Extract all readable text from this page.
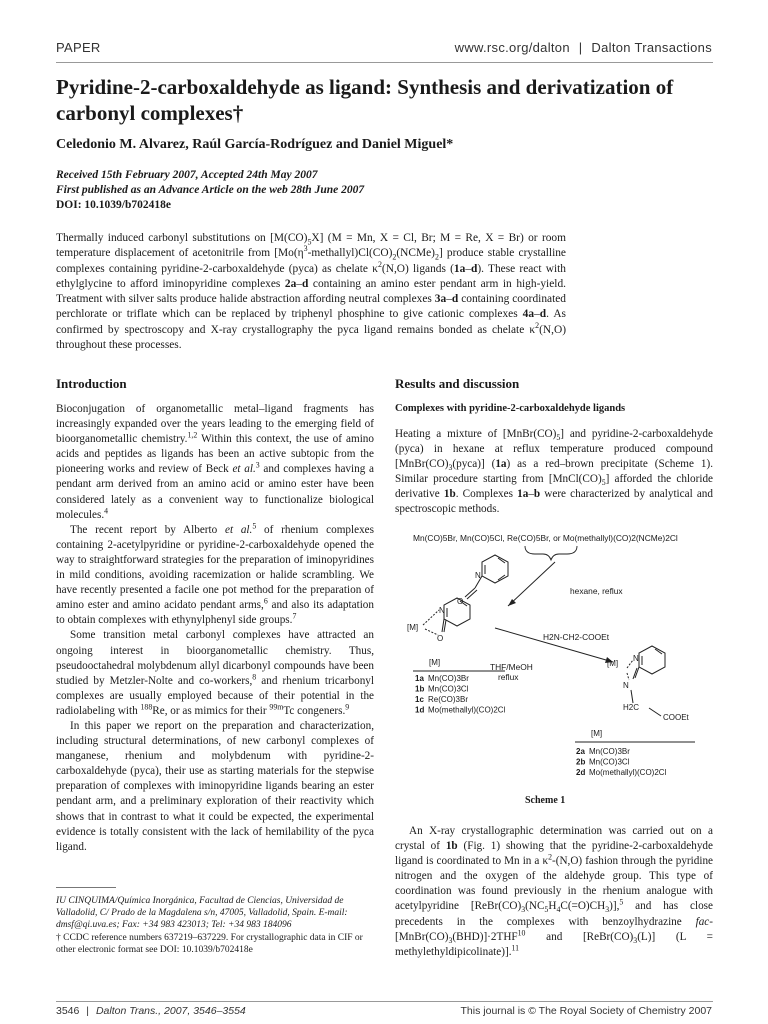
PAPER	www.rsc.org/dalton | Dalton Transactions
Pyridine-2-carboxaldehyde as ligand: Synthesis and derivatization of carbonyl complexes†
Celedonio M. Alvarez, Raúl García-Rodríguez and Daniel Miguel*
Received 15th February 2007, Accepted 24th May 2007
First published as an Advance Article on the web 28th June 2007
DOI: 10.1039/b702418e

Thermally induced carbonyl substitutions on $[M(CO)_5X] (M = Mn$, X = Cl, Br; M = Re, X = Br) or room temperature displacement of acetonitrile from $[Mo(\eta^3-methallyl)Cl(CO)_2(NCMe)_2]$ produce stable crystalline complexes containing pyridine-2-carboxaldehyde (pyca) as chelate $\kappa^2(N,O)$ ligands (1a–d). These react with ethylglycine to afford iminopyridine complexes 2a–d containing an amino ester pendant arm in high-yield. Treatment with silver salts produce halide abstraction affording neutral complexes 3a–d containing coordinated perchlorate or triflate which can be replaced by triphenyl phosphine to give cationic complexes 4a–d. As confirmed by spectroscopy and X-ray crystallography the pyca ligand remains bonded as chelate $\kappa^2(N,O)$ throughout these processes.

Introduction

Bioconjugation of organometallic metal–ligand fragments has increasingly expanded over the years leading to the emerging field of bioorganometallic chemistry.$^{1,2}$ Within this context, the use of amino acids and peptides as ligands has been an active subtopic from the pioneering works and review of Beck et al.$^3$ and complexes having a pendant arm derived from an amino acid or amino ester have been considered lately as a convenient way to functionalize biological molecules.$^4$

The recent report by Alberto et al.$^5$ of rhenium complexes containing 2-acetylpyridine or pyridine-2-carboxaldehyde opened the way to straightforward strategies for the preparation of iminopyridines in mild conditions, avoiding racemization or halide scrambling. We have recently presented a facile one pot method for the preparation of amino ester and amino acidato pendant arms,$^6$ and also its adaptation to obtain complexes with ethynylphenyl side groups.$^7$

Some transition metal carbonyl complexes have attracted an ongoing interest in bioorganometallic chemistry. Thus, pseudooctahedral molybdenum allyl dicarbonyl compounds have been studied by Metzler-Nolte and co-workers,$^8$ and rhenium tricarbonyl complexes are usually employed because of their potential in the radiolabeling with $^{188}$Re, or as mimics for their $^{99m}$Tc congeners.$^9$

In this paper we report on the preparation and characterization, including structural determinations, of new carbonyl complexes of manganese, rhenium and molybdenum with pyridine-2-carboxaldehyde (pyca), their use as starting materials for the stepwise preparation of complexes with iminopyridine ligands bearing an ester pendant arm, and a preliminary exploration of their reactivity which shows that in contrast to what it could be expected, the experimental evidence is totally consistent with the lack of hemilability of the pyca ligand.

IU CINQUIMA/Química Inorgánica, Facultad de Ciencias, Universidad de Valladolid, C/ Prado de la Magdalena s/n, 47005, Valladolid, Spain. E-mail: dmsf@qi.uva.es; Fax: +34 983 423013; Tel: +34 983 184096
† CCDC reference numbers 637219–637229. For crystallographic data in CIF or other electronic format see DOI: 10.1039/b702418e
Results and discussion
Complexes with pyridine-2-carboxaldehyde ligands

Heating a mixture of $[MnBr(CO)_5]$ and pyridine-2-carboxaldehyde (pyca) in hexane at reflux temperature produced compound $[MnBr(CO)_3(pyca)]$ (1a) as a red–brown precipitate (Scheme 1). Similar procedure starting from $[MnCl(CO)_5]$ afforded the chloride derivative 1b. Complexes 1a–b were characterized by analytical and spectroscopic methods.

Mn(CO)5Br, Mn(CO)5Cl, Re(CO)5Br, or Mo(methallyl)(CO)2(NCMe)2Cl
N
O
hexane, reflux
N
O
[M]
H2N-CH2-COOEt
THF/MeOH
reflux
[M]
1a Mn(CO)3Br
1b Mn(CO)3Cl
1c Re(CO)3Br
1d Mo(methallyl)(CO)2Cl
N
N
[M]
H2C
COOEt
[M]
2a Mn(CO)3Br
2b Mn(CO)3Cl
2d Mo(methallyl)(CO)2Cl
Scheme 1

An X-ray crystallographic determination was carried out on a crystal of 1b (Fig. 1) showing that the pyridine-2-carboxaldehyde ligand is coordinated to Mn in a $\kappa^2-(N,O)$ fashion through the pyridine nitrogen and the oxygen of the aldehyde group. This type of coordination was found previously in the rhenium analogue with acetylpyridine $[ReBr(CO)_3(NC_5H_4C(=O)CH_3)],^5$ and has close precedents in the complexes with benzoylhydrazine fac-$[MnBr(CO)_3(BHD)]\cdot 2THF^{10}$ and $[ReBr(CO)_3(L)] (L$ = methylethyldipicolinate)].$^{11}$

3546 | Dalton Trans., 2007, 3546–3554	This journal is © The Royal Society of Chemistry 2007
